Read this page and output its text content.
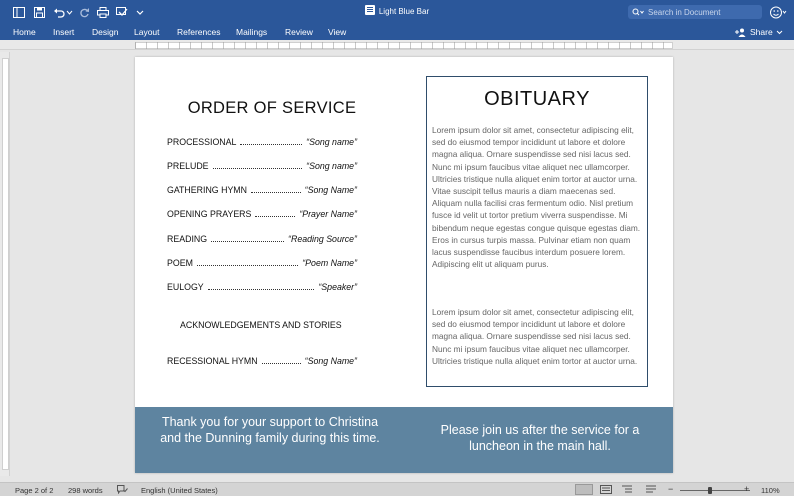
Light Blue Bar
Search in Document
Home Insert Design Layout References Mailings Review View	Share
ORDER OF SERVICE
PROCESSIONAL	“Song name”
PRELUDE	“Song name”
GATHERING HYMN	“Song Name”
OPENING PRAYERS	“Prayer Name”
READING	“Reading Source”
POEM	“Poem Name”
EULOGY	“Speaker”
ACKNOWLEDGEMENTS AND STORIES
RECESSIONAL HYMN	“Song Name”
OBITUARY
Lorem ipsum dolor sit amet, consectetur adipiscing elit, sed do eiusmod tempor incididunt ut labore et dolore magna aliqua. Ornare suspendisse sed nisi lacus sed. Nunc mi ipsum faucibus vitae aliquet nec ullamcorper. Ultricies tristique nulla aliquet enim tortor at auctor urna. Vitae suscipit tellus mauris a diam maecenas sed. Aliquam nulla facilisi cras fermentum odio. Nisl pretium fusce id velit ut tortor pretium viverra suspendisse. Mi bibendum neque egestas congue quisque egestas diam. Eros in cursus turpis massa. Pulvinar etiam non quam lacus suspendisse faucibus interdum posuere lorem. Adipiscing elit ut aliquam purus.
Lorem ipsum dolor sit amet, consectetur adipiscing elit, sed do eiusmod tempor incididunt ut labore et dolore magna aliqua. Ornare suspendisse sed nisi lacus sed. Nunc mi ipsum faucibus vitae aliquet nec ullamcorper. Ultricies tristique nulla aliquet enim tortor at auctor urna.
Thank you for your support to Christina and the Dunning family during this time.
Please join us after the service for a luncheon in the main hall.
Page 2 of 2 298 words	English (United States)	−	+ 110%
